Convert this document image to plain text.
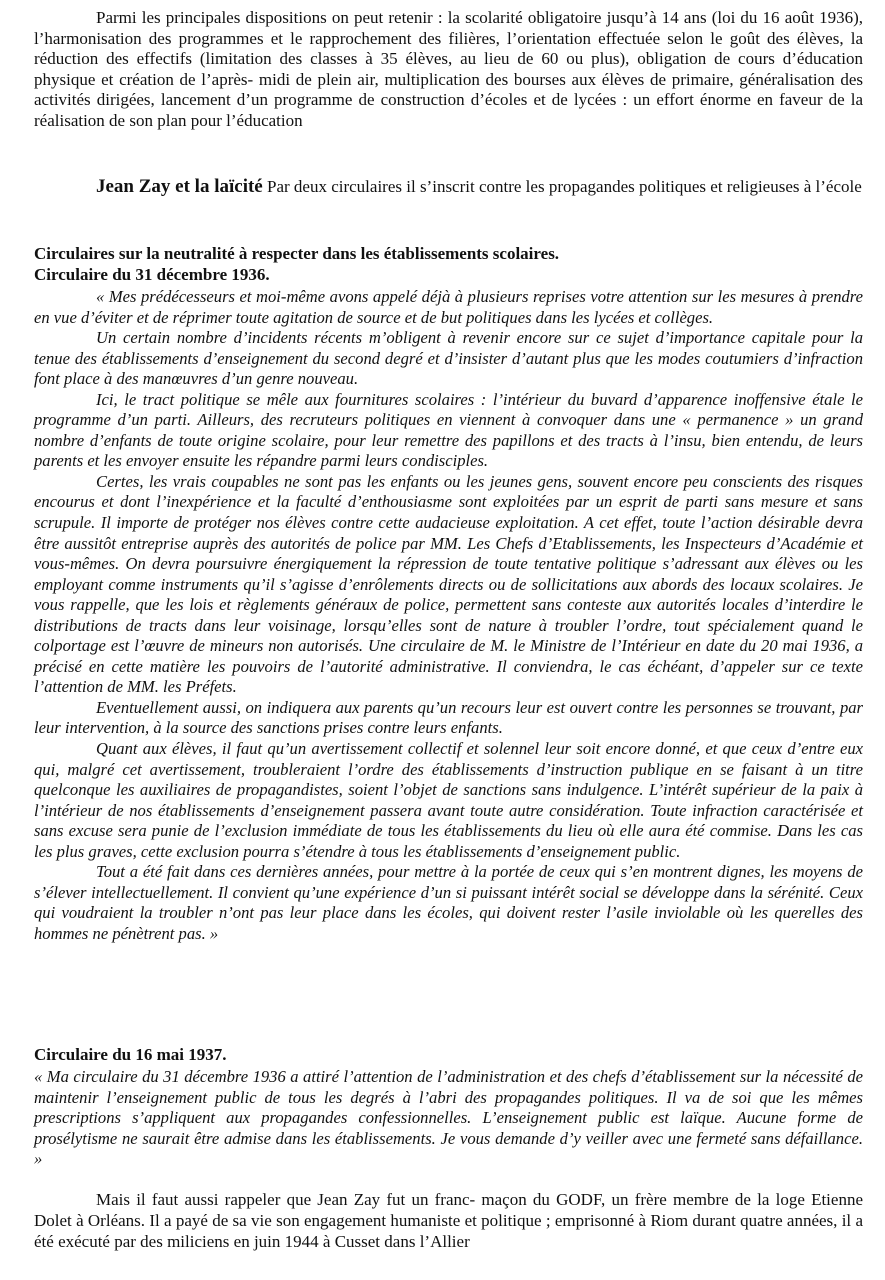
Parmi les principales dispositions on peut retenir : la scolarité obligatoire jusqu’à 14 ans (loi du 16 août 1936), l’harmonisation des programmes et le rapprochement des filières, l’orientation effectuée selon le goût des élèves, la réduction des effectifs (limitation des classes à 35 élèves, au lieu de 60 ou plus), obligation de cours d’éducation physique et création de l’après- midi de plein air, multiplication des bourses aux élèves de primaire, généralisation des activités dirigées, lancement d’un programme de construction d’écoles et de lycées : un effort énorme en faveur de la réalisation de son plan pour l’éducation
Jean Zay et la laïcité Par deux circulaires il s’inscrit contre les propagandes politiques et religieuses à l’école
Circulaires sur la neutralité à respecter dans les établissements scolaires.
Circulaire du 31 décembre 1936.

« Mes prédécesseurs et moi-même avons appelé déjà à plusieurs reprises votre attention sur les mesures à prendre en vue d’éviter et de réprimer toute agitation de source et de but politiques dans les lycées et collèges.

Un certain nombre d’incidents récents m’obligent à revenir encore sur ce sujet d’importance capitale pour la tenue des établissements d’enseignement du second degré et d’insister d’autant plus que les modes coutumiers d’infraction font place à des manœuvres d’un genre nouveau.

Ici, le tract politique se mêle aux fournitures scolaires : l’intérieur du buvard d’apparence inoffensive étale le programme d’un parti. Ailleurs, des recruteurs politiques en viennent à convoquer dans une « permanence » un grand nombre d’enfants de toute origine scolaire, pour leur remettre des papillons et des tracts à l’insu, bien entendu, de leurs parents et les envoyer ensuite les répandre parmi leurs condisciples.

Certes, les vrais coupables ne sont pas les enfants ou les jeunes gens, souvent encore peu conscients des risques encourus et dont l’inexpérience et la faculté d’enthousiasme sont exploitées par un esprit de parti sans mesure et sans scrupule. Il importe de protéger nos élèves contre cette audacieuse exploitation. A cet effet, toute l’action désirable devra être aussitôt entreprise auprès des autorités de police par MM. Les Chefs d’Etablissements, les Inspecteurs d’Académie et vous-mêmes. On devra poursuivre énergiquement la répression de toute tentative politique s’adressant aux élèves ou les employant comme instruments qu’il s’agisse d’enrôlements directs ou de sollicitations aux abords des locaux scolaires. Je vous rappelle, que les lois et règlements généraux de police, permettent sans conteste aux autorités locales d’interdire le distributions de tracts dans leur voisinage, lorsqu’elles sont de nature à troubler l’ordre, tout spécialement quand le colportage est l’œuvre de mineurs non autorisés. Une circulaire de M. le Ministre de l’Intérieur en date du 20 mai 1936, a précisé en cette matière les pouvoirs de l’autorité administrative. Il conviendra, le cas échéant, d’appeler sur ce texte l’attention de MM. les Préfets.

Eventuellement aussi, on indiquera aux parents qu’un recours leur est ouvert contre les personnes se trouvant, par leur intervention, à la source des sanctions prises contre leurs enfants.

Quant aux élèves, il faut qu’un avertissement collectif et solennel leur soit encore donné, et que ceux d’entre eux qui, malgré cet avertissement, troubleraient l’ordre des établissements d’instruction publique en se faisant à un titre quelconque les auxiliaires de propagandistes, soient l’objet de sanctions sans indulgence. L’intérêt supérieur de la paix à l’intérieur de nos établissements d’enseignement passera avant toute autre considération. Toute infraction caractérisée et sans excuse sera punie de l’exclusion immédiate de tous les établissements du lieu où elle aura été commise. Dans les cas les plus graves, cette exclusion pourra s’étendre à tous les établissements d’enseignement public.

Tout a été fait dans ces dernières années, pour mettre à la portée de ceux qui s’en montrent dignes, les moyens de s’élever intellectuellement. Il convient qu’une expérience d’un si puissant intérêt social se développe dans la sérénité. Ceux qui voudraient la troubler n’ont pas leur place dans les écoles, qui doivent rester l’asile inviolable où les querelles des hommes ne pénètrent pas. »

Circulaire du 16 mai 1937.

« Ma circulaire du 31 décembre 1936 a attiré l’attention de l’administration et des chefs d’établissement sur la nécessité de maintenir l’enseignement public de tous les degrés à l’abri des propagandes politiques. Il va de soi que les mêmes prescriptions s’appliquent aux propagandes confessionnelles. L’enseignement public est laïque. Aucune forme de prosélytisme ne saurait être admise dans les établissements. Je vous demande d’y veiller avec une fermeté sans défaillance. »

Mais il faut aussi rappeler que Jean Zay fut un franc- maçon du GODF, un frère membre de la loge Etienne Dolet à Orléans. Il a payé de sa vie son engagement humaniste et politique ; emprisonné à Riom durant quatre années, il a été exécuté par des miliciens en juin 1944 à Cusset dans l’Allier
